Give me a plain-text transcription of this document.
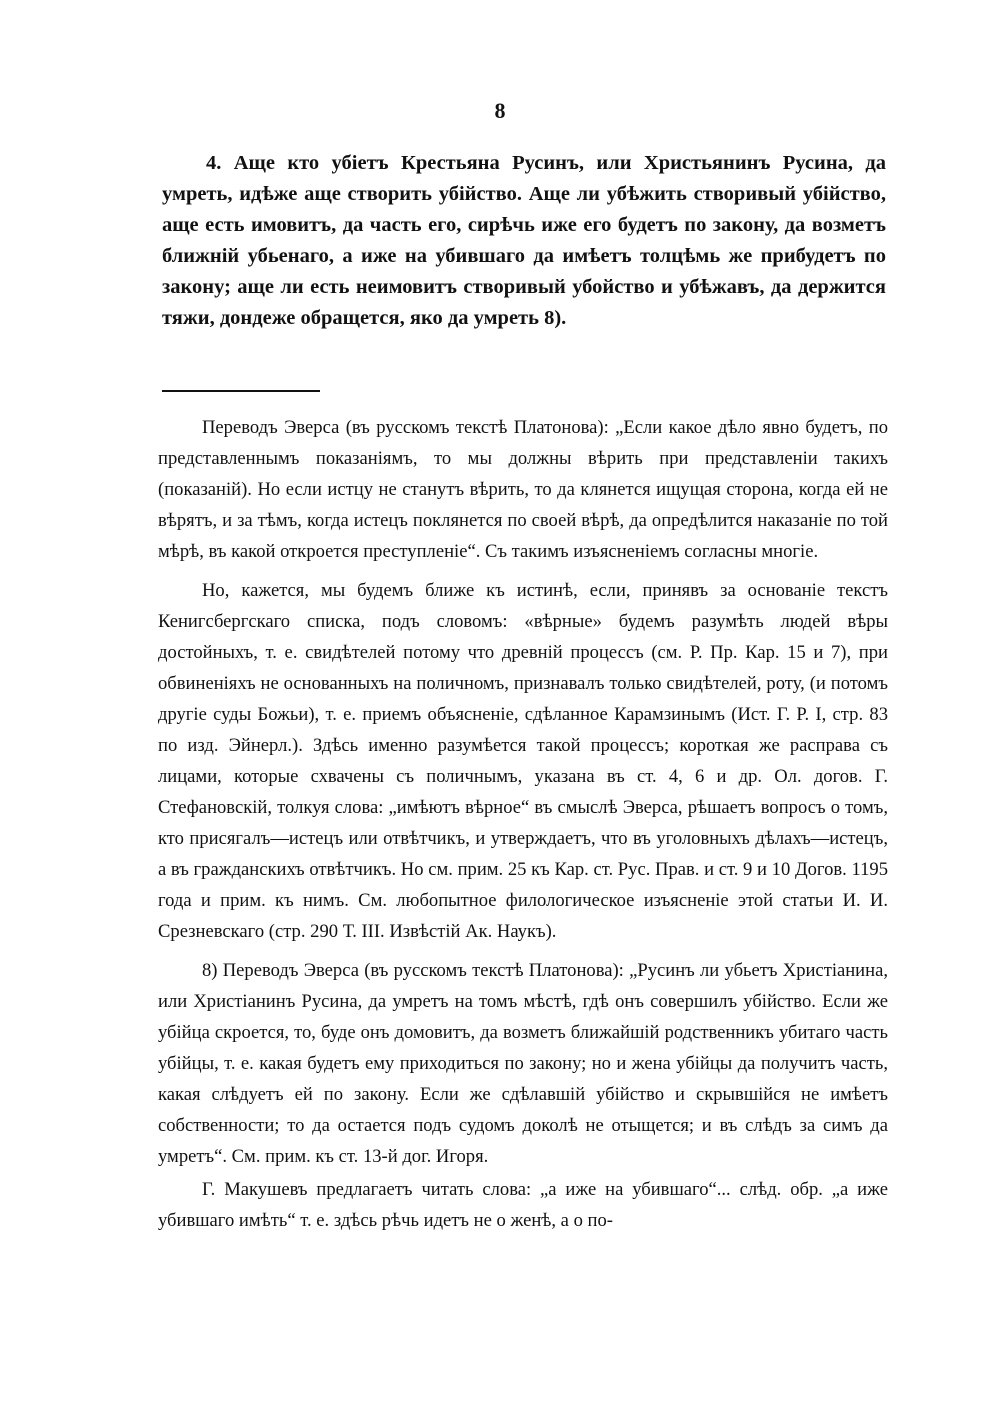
8

4. Аще кто убіетъ Крестьяна Русинъ, или Христьянинъ Русина, да умреть, идѣже аще створить убійство. Аще ли убѣжить створивый убійство, аще есть имовитъ, да часть его, сирѣчь иже его будетъ по закону, да возметъ ближній убьенаго, а иже на убившаго да имѣетъ толцѣмь же прибудетъ по закону; аще ли есть неимовитъ створивый убойство и убѣжавъ, да держится тяжи, дондеже обращется, яко да умреть 8).

Переводъ Эверса (въ русскомъ текстѣ Платонова): „Если какое дѣло явно будетъ, по представленнымъ показаніямъ, то мы должны вѣрить при представленіи такихъ (показаній). Но если истцу не станутъ вѣрить, то да клянется ищущая сторона, когда ей не вѣрятъ, и за тѣмъ, когда истецъ поклянется по своей вѣрѣ, да опредѣлится наказаніе по той мѣрѣ, въ какой откроется преступленіе“. Съ такимъ изъясненіемъ согласны многіе.

Но, кажется, мы будемъ ближе къ истинѣ, если, принявъ за основаніе текстъ Кенигсбергскаго списка, подъ словомъ: «вѣрные» будемъ разумѣть людей вѣры достойныхъ, т. е. свидѣтелей потому что древній процессъ (см. Р. Пр. Кар. 15 и 7), при обвиненіяхъ не основанныхъ на поличномъ, признавалъ только свидѣтелей, роту, (и потомъ другіе суды Божьи), т. е. приемъ объясненіе, сдѣланное Карамзинымъ (Ист. Г. Р. I, стр. 83 по изд. Эйнерл.). Здѣсь именно разумѣется такой процессъ; короткая же расправа съ лицами, которые схвачены съ поличнымъ, указана въ ст. 4, 6 и др. Ол. догов. Г. Стефановскій, толкуя слова: „имѣютъ вѣрное“ въ смыслѣ Эверса, рѣшаетъ вопросъ о томъ, кто присягалъ—истецъ или отвѣтчикъ, и утверждаетъ, что въ уголовныхъ дѣлахъ—истецъ, а въ гражданскихъ отвѣтчикъ. Но см. прим. 25 къ Кар. ст. Рус. Прав. и ст. 9 и 10 Догов. 1195 года и прим. къ нимъ. См. любопытное филологическое изъясненіе этой статьи И. И. Срезневскаго (стр. 290 Т. III. Извѣстій Ак. Наукъ).

8) Переводъ Эверса (въ русскомъ текстѣ Платонова): „Русинъ ли убьетъ Христіанина, или Христіанинъ Русина, да умретъ на томъ мѣстѣ, гдѣ онъ совершилъ убійство. Если же убійца скроется, то, буде онъ домовитъ, да возметъ ближайшій родственникъ убитаго часть убійцы, т. е. какая будетъ ему приходиться по закону; но и жена убійцы да получитъ часть, какая слѣдуетъ ей по закону. Если же сдѣлавшій убійство и скрывшійся не имѣетъ собственности; то да остается подъ судомъ доколѣ не отыщется; и въ слѣдъ за симъ да умретъ“. См. прим. къ ст. 13-й дог. Игоря.

Г. Макушевъ предлагаетъ читать слова: „а иже на убившаго“... слѣд. обр. „а иже убившаго имѣть“ т. е. здѣсь рѣчь идетъ не о женѣ, а о по-
